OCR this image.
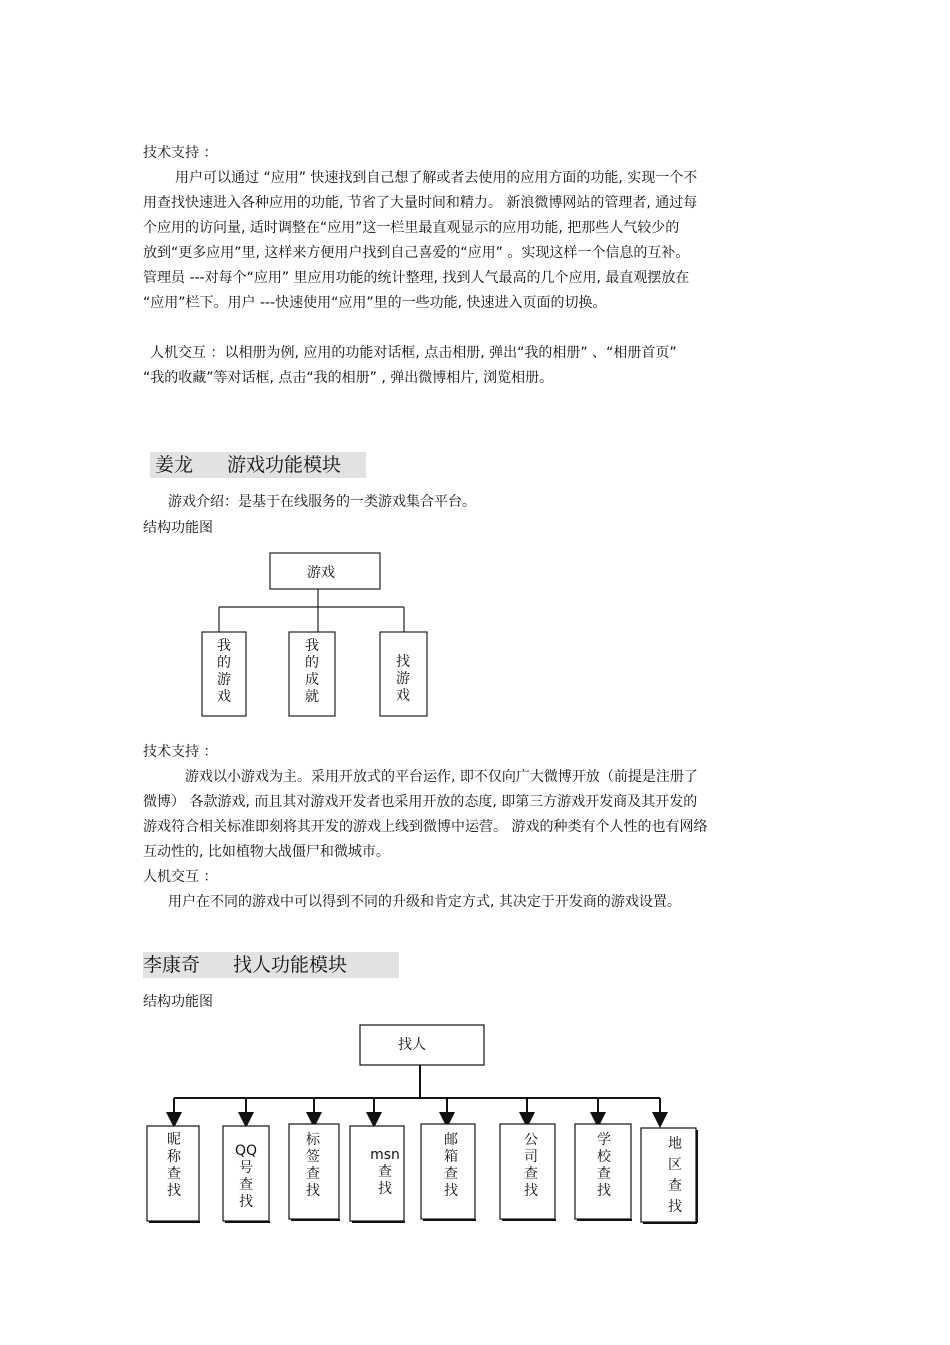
技术支持 ：
用户可以通过 “应用” 快速找到自己想了解或者去使用的应用方面的功能, 实现一个不
用查找快速进入各种应用的功能, 节省了大量时间和精力。 新浪微博网站的管理者, 通过每
个应用的访问量, 适时调整在“应用”这一栏里最直观显示的应用功能, 把那些人气较少的
放到“更多应用”里, 这样来方便用户找到自己喜爱的“应用” 。实现这样一个信息的互补。
管理员 ---对每个“应用” 里应用功能的统计整理, 找到人气最高的几个应用, 最直观摆放在
“应用”栏下。用户 ---快速使用“应用”里的一些功能, 快速进入页面的切换。
人机交互 ：以相册为例, 应用的功能对话框, 点击相册, 弹出“我的相册” 、“相册首页”
“我的收藏”等对话框, 点击“我的相册” , 弹出微博相片, 浏览相册。
姜龙 游戏功能模块
游戏介绍：是基于在线服务的一类游戏集合平台。
结构功能图
游戏
我的游戏
我的成就
找游戏
技术支持 ：
游戏以小游戏为主。采用开放式的平台运作, 即不仅向广大微博开放（前提是注册了
微博） 各款游戏, 而且其对游戏开发者也采用开放的态度, 即第三方游戏开发商及其开发的
游戏符合相关标准即刻将其开发的游戏上线到微博中运营。 游戏的种类有个人性的也有网络
互动性的, 比如植物大战僵尸和微城市。
人机交互 ：
用户在不同的游戏中可以得到不同的升级和肯定方式, 其决定于开发商的游戏设置。
李康奇 找人功能模块
结构功能图
找人
昵称查找
QQ 号查找
标签查找
msn 查找
邮箱查找
公司查找
学校查找
地区查找
